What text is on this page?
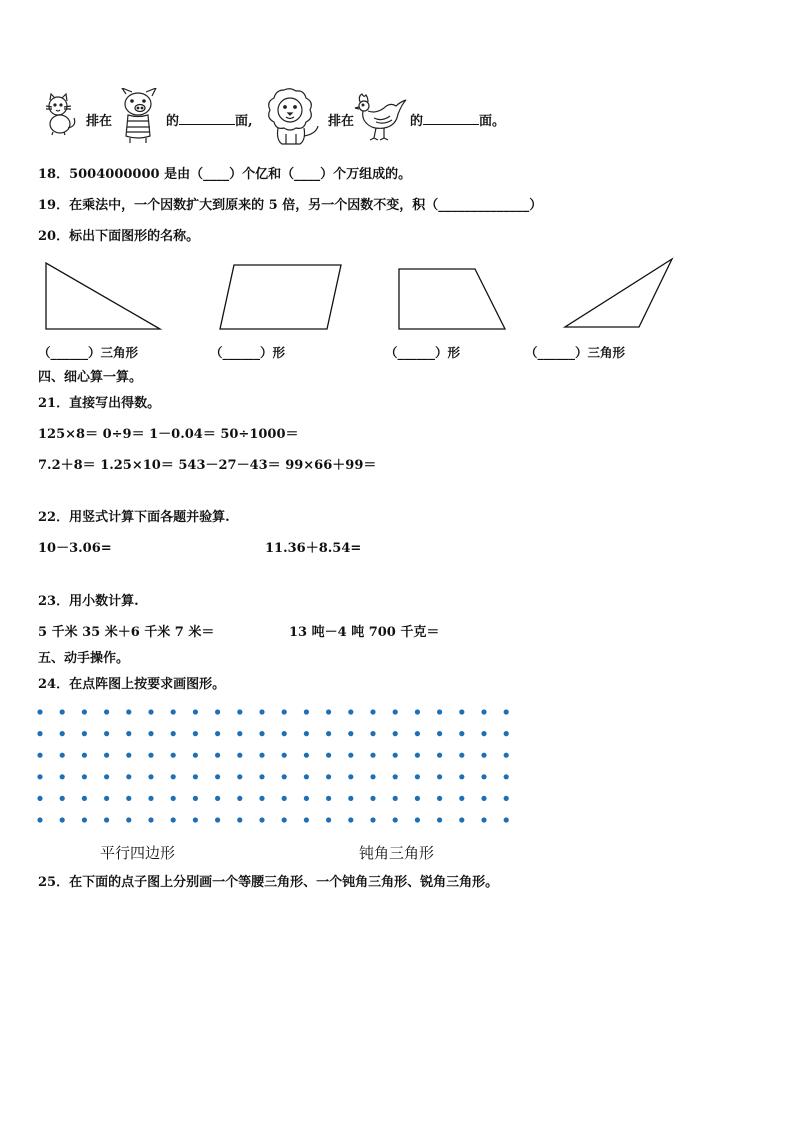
排在	的	面,	排在	的	面。
18．5004000000 是由（____）个亿和（____）个万组成的。
19．在乘法中，一个因数扩大到原来的 5 倍，另一个因数不变，积（______________）
20．标出下面图形的名称。
（______）三角形	（______）形	（______）形	（______）三角形
四、细心算一算。
21．直接写出得数。
125×8＝ 0÷9＝ 1－0.04＝ 50÷1000＝
7.2＋8＝ 1.25×10＝ 543－27－43＝ 99×66＋99＝
22．用竖式计算下面各题并验算.
10－3.06=	11.36＋8.54=
23．用小数计算.
5 千米 35 米＋6 千米 7 米＝	13 吨－4 吨 700 千克＝
五、动手操作。
24．在点阵图上按要求画图形。
平行四边形	钝角三角形
25．在下面的点子图上分别画一个等腰三角形、一个钝角三角形、锐角三角形。
